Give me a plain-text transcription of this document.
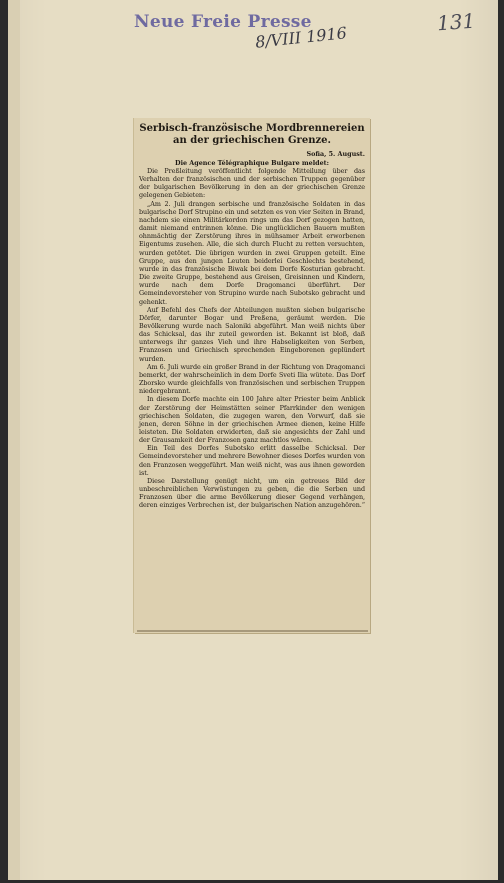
Neue Freie Presse
8/VIII 1916
131
Serbisch-französische Mordbrennereien an der griechischen Grenze.
Sofia, 5. August.
Die Agence Télégraphique Bulgare meldet:

Die Preßleitung veröffentlicht folgende Mitteilung über das Verhalten der französischen und der serbischen Truppen gegenüber der bulgarischen Bevölkerung in den an der griechischen Grenze gelegenen Gebieten:

„Am 2. Juli drangen serbische und französische Soldaten in das bulgarische Dorf Strupino ein und setzten es von vier Seiten in Brand, nachdem sie einen Militärkordon rings um das Dorf gezogen hatten, damit niemand entrinnen könne. Die unglücklichen Bauern mußten ohnmächtig der Zerstörung ihres in mühsamer Arbeit erworbenen Eigentums zusehen. Alle, die sich durch Flucht zu retten versuchten, wurden getötet. Die übrigen wurden in zwei Gruppen geteilt. Eine Gruppe, aus den jungen Leuten beiderlei Geschlechts bestehend, wurde in das französische Biwak bei dem Dorfe Kosturian gebracht. Die zweite Gruppe, bestehend aus Greisen, Greisinnen und Kindern, wurde nach dem Dorfe Dragomanci überführt. Der Gemeindevorsteher von Strupino wurde nach Subotsko gebracht und gehenkt.

Auf Befehl des Chefs der Abteilungen mußten sieben bulgarische Dörfer, darunter Bogar und Preßena, geräumt werden. Die Bevölkerung wurde nach Saloniki abgeführt. Man weiß nichts über das Schicksal, das ihr zuteil geworden ist. Bekannt ist bloß, daß unterwegs ihr ganzes Vieh und ihre Habseligkeiten von Serben, Franzosen und Griechisch sprechenden Eingeborenen geplündert wurden.

Am 6. Juli wurde ein großer Brand in der Richtung von Dragomanci bemerkt, der wahrscheinlich in dem Dorfe Sveti Ilia wütete. Das Dorf Zborsko wurde gleichfalls von französischen und serbischen Truppen niedergebrannt.

In diesem Dorfe machte ein 100 Jahre alter Priester beim Anblick der Zerstörung der Heimstätten seiner Pfarrkinder den wenigen griechischen Soldaten, die zugegen waren, den Vorwurf, daß sie jenen, deren Söhne in der griechischen Armee dienen, keine Hilfe leisteten. Die Soldaten erwiderten, daß sie angesichts der Zahl und der Grausamkeit der Franzosen ganz machtlos wären.

Ein Teil des Dorfes Subotsko erlitt dasselbe Schicksal. Der Gemeindevorsteher und mehrere Bewohner dieses Dorfes wurden von den Franzosen weggeführt. Man weiß nicht, was aus ihnen geworden ist.

Diese Darstellung genügt nicht, um ein getreues Bild der unbeschreiblichen Verwüstungen zu geben, die die Serben und Franzosen über die arme Bevölkerung dieser Gegend verhängen, deren einziges Verbrechen ist, der bulgarischen Nation anzugehören.“
